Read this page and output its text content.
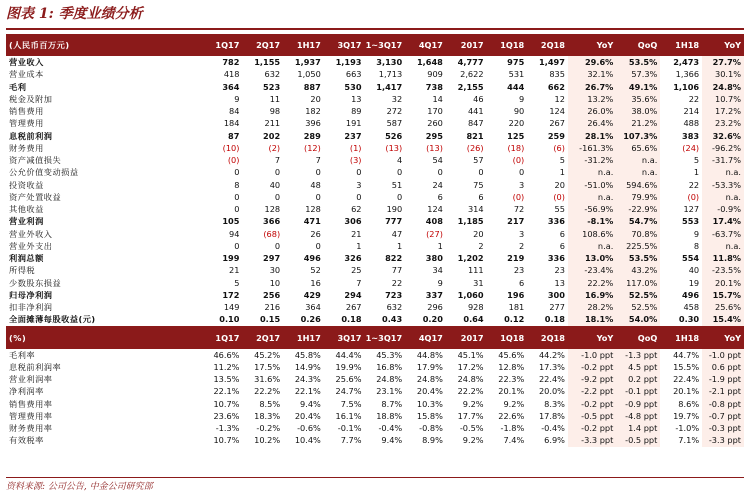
图表 1: 季度业绩分析
(人民币百万元)	1Q17	2Q17	1H17	3Q17	1~3Q17	4Q17	2017	1Q18	2Q18	YoY	QoQ	1H18	YoY
营业收入	782	1,155	1,937	1,193	3,130	1,648	4,777	975	1,497	29.6%	53.5%	2,473	27.7%
营业成本	418	632	1,050	663	1,713	909	2,622	531	835	32.1%	57.3%	1,366	30.1%
毛利	364	523	887	530	1,417	738	2,155	444	662	26.7%	49.1%	1,106	24.8%
税金及附加	9	11	20	13	32	14	46	9	12	13.2%	35.6%	22	10.7%
销售费用	84	98	182	89	272	170	441	90	124	26.0%	38.0%	214	17.2%
管理费用	184	211	396	191	587	260	847	220	267	26.4%	21.2%	488	23.2%
息税前利润	87	202	289	237	526	295	821	125	259	28.1%	107.3%	383	32.6%
财务费用	(10)	(2)	(12)	(1)	(13)	(13)	(26)	(18)	(6)	-161.3%	65.6%	(24)	-96.2%
资产减值损失	(0)	7	7	(3)	4	54	57	(0)	5	-31.2%	n.a.	5	-31.7%
公允价值变动损益	0	0	0	0	0	0	0	0	1	n.a.	n.a.	1	n.a.
投资收益	8	40	48	3	51	24	75	3	20	-51.0%	594.6%	22	-53.3%
资产处置收益	0	0	0	0	0	6	6	(0)	(0)	n.a.	79.9%	(0)	n.a.
其他收益	0	128	128	62	190	124	314	72	55	-56.9%	-22.9%	127	-0.9%
营业利润	105	366	471	306	777	408	1,185	217	336	-8.1%	54.7%	553	17.4%
营业外收入	94	(68)	26	21	47	(27)	20	3	6	108.6%	70.8%	9	-63.7%
营业外支出	0	0	0	1	1	1	2	2	6	n.a.	225.5%	8	n.a.
利润总额	199	297	496	326	822	380	1,202	219	336	13.0%	53.5%	554	11.8%
所得税	21	30	52	25	77	34	111	23	23	-23.4%	43.2%	40	-23.5%
少数股东损益	5	10	16	7	22	9	31	6	13	22.2%	117.0%	19	20.1%
归母净利润	172	256	429	294	723	337	1,060	196	300	16.9%	52.5%	496	15.7%
扣非净利润	149	216	364	267	632	296	928	181	277	28.2%	52.5%	458	25.6%
全面摊薄每股收益(元)	0.10	0.15	0.26	0.18	0.43	0.20	0.64	0.12	0.18	18.1%	54.0%	0.30	15.4%
(%)	1Q17	2Q17	1H17	3Q17	1~3Q17	4Q17	2017	1Q18	2Q18	YoY	QoQ	1H18	YoY
毛利率	46.6%	45.2%	45.8%	44.4%	45.3%	44.8%	45.1%	45.6%	44.2%	-1.0 ppt	-1.3 ppt	44.7%	-1.0 ppt
息税前利润率	11.2%	17.5%	14.9%	19.9%	16.8%	17.9%	17.2%	12.8%	17.3%	-0.2 ppt	4.5 ppt	15.5%	0.6 ppt
营业利润率	13.5%	31.6%	24.3%	25.6%	24.8%	24.8%	24.8%	22.3%	22.4%	-9.2 ppt	0.2 ppt	22.4%	-1.9 ppt
净利润率	22.1%	22.2%	22.1%	24.7%	23.1%	20.4%	22.2%	20.1%	20.0%	-2.2 ppt	-0.1 ppt	20.1%	-2.1 ppt
销售费用率	10.7%	8.5%	9.4%	7.5%	8.7%	10.3%	9.2%	9.2%	8.3%	-0.2 ppt	-0.9 ppt	8.6%	-0.8 ppt
管理费用率	23.6%	18.3%	20.4%	16.1%	18.8%	15.8%	17.7%	22.6%	17.8%	-0.5 ppt	-4.8 ppt	19.7%	-0.7 ppt
财务费用率	-1.3%	-0.2%	-0.6%	-0.1%	-0.4%	-0.8%	-0.5%	-1.8%	-0.4%	-0.2 ppt	1.4 ppt	-1.0%	-0.3 ppt
有效税率	10.7%	10.2%	10.4%	7.7%	9.4%	8.9%	9.2%	7.4%	6.9%	-3.3 ppt	-0.5 ppt	7.1%	-3.3 ppt
资料来源: 公司公告, 中金公司研究部
